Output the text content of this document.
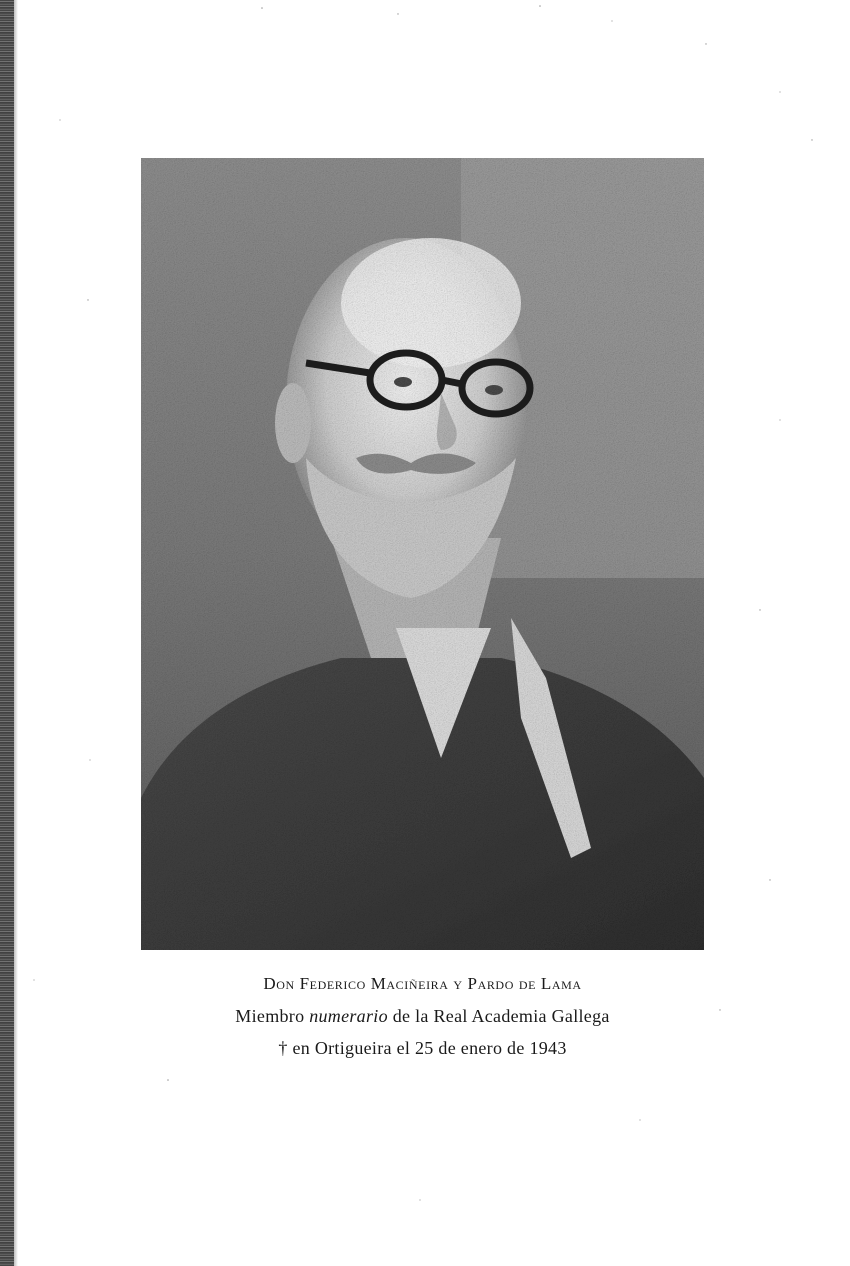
Don Federico Maciñeira y Pardo de Lama
Miembro numerario de la Real Academia Gallega
† en Ortigueira el 25 de enero de 1943
